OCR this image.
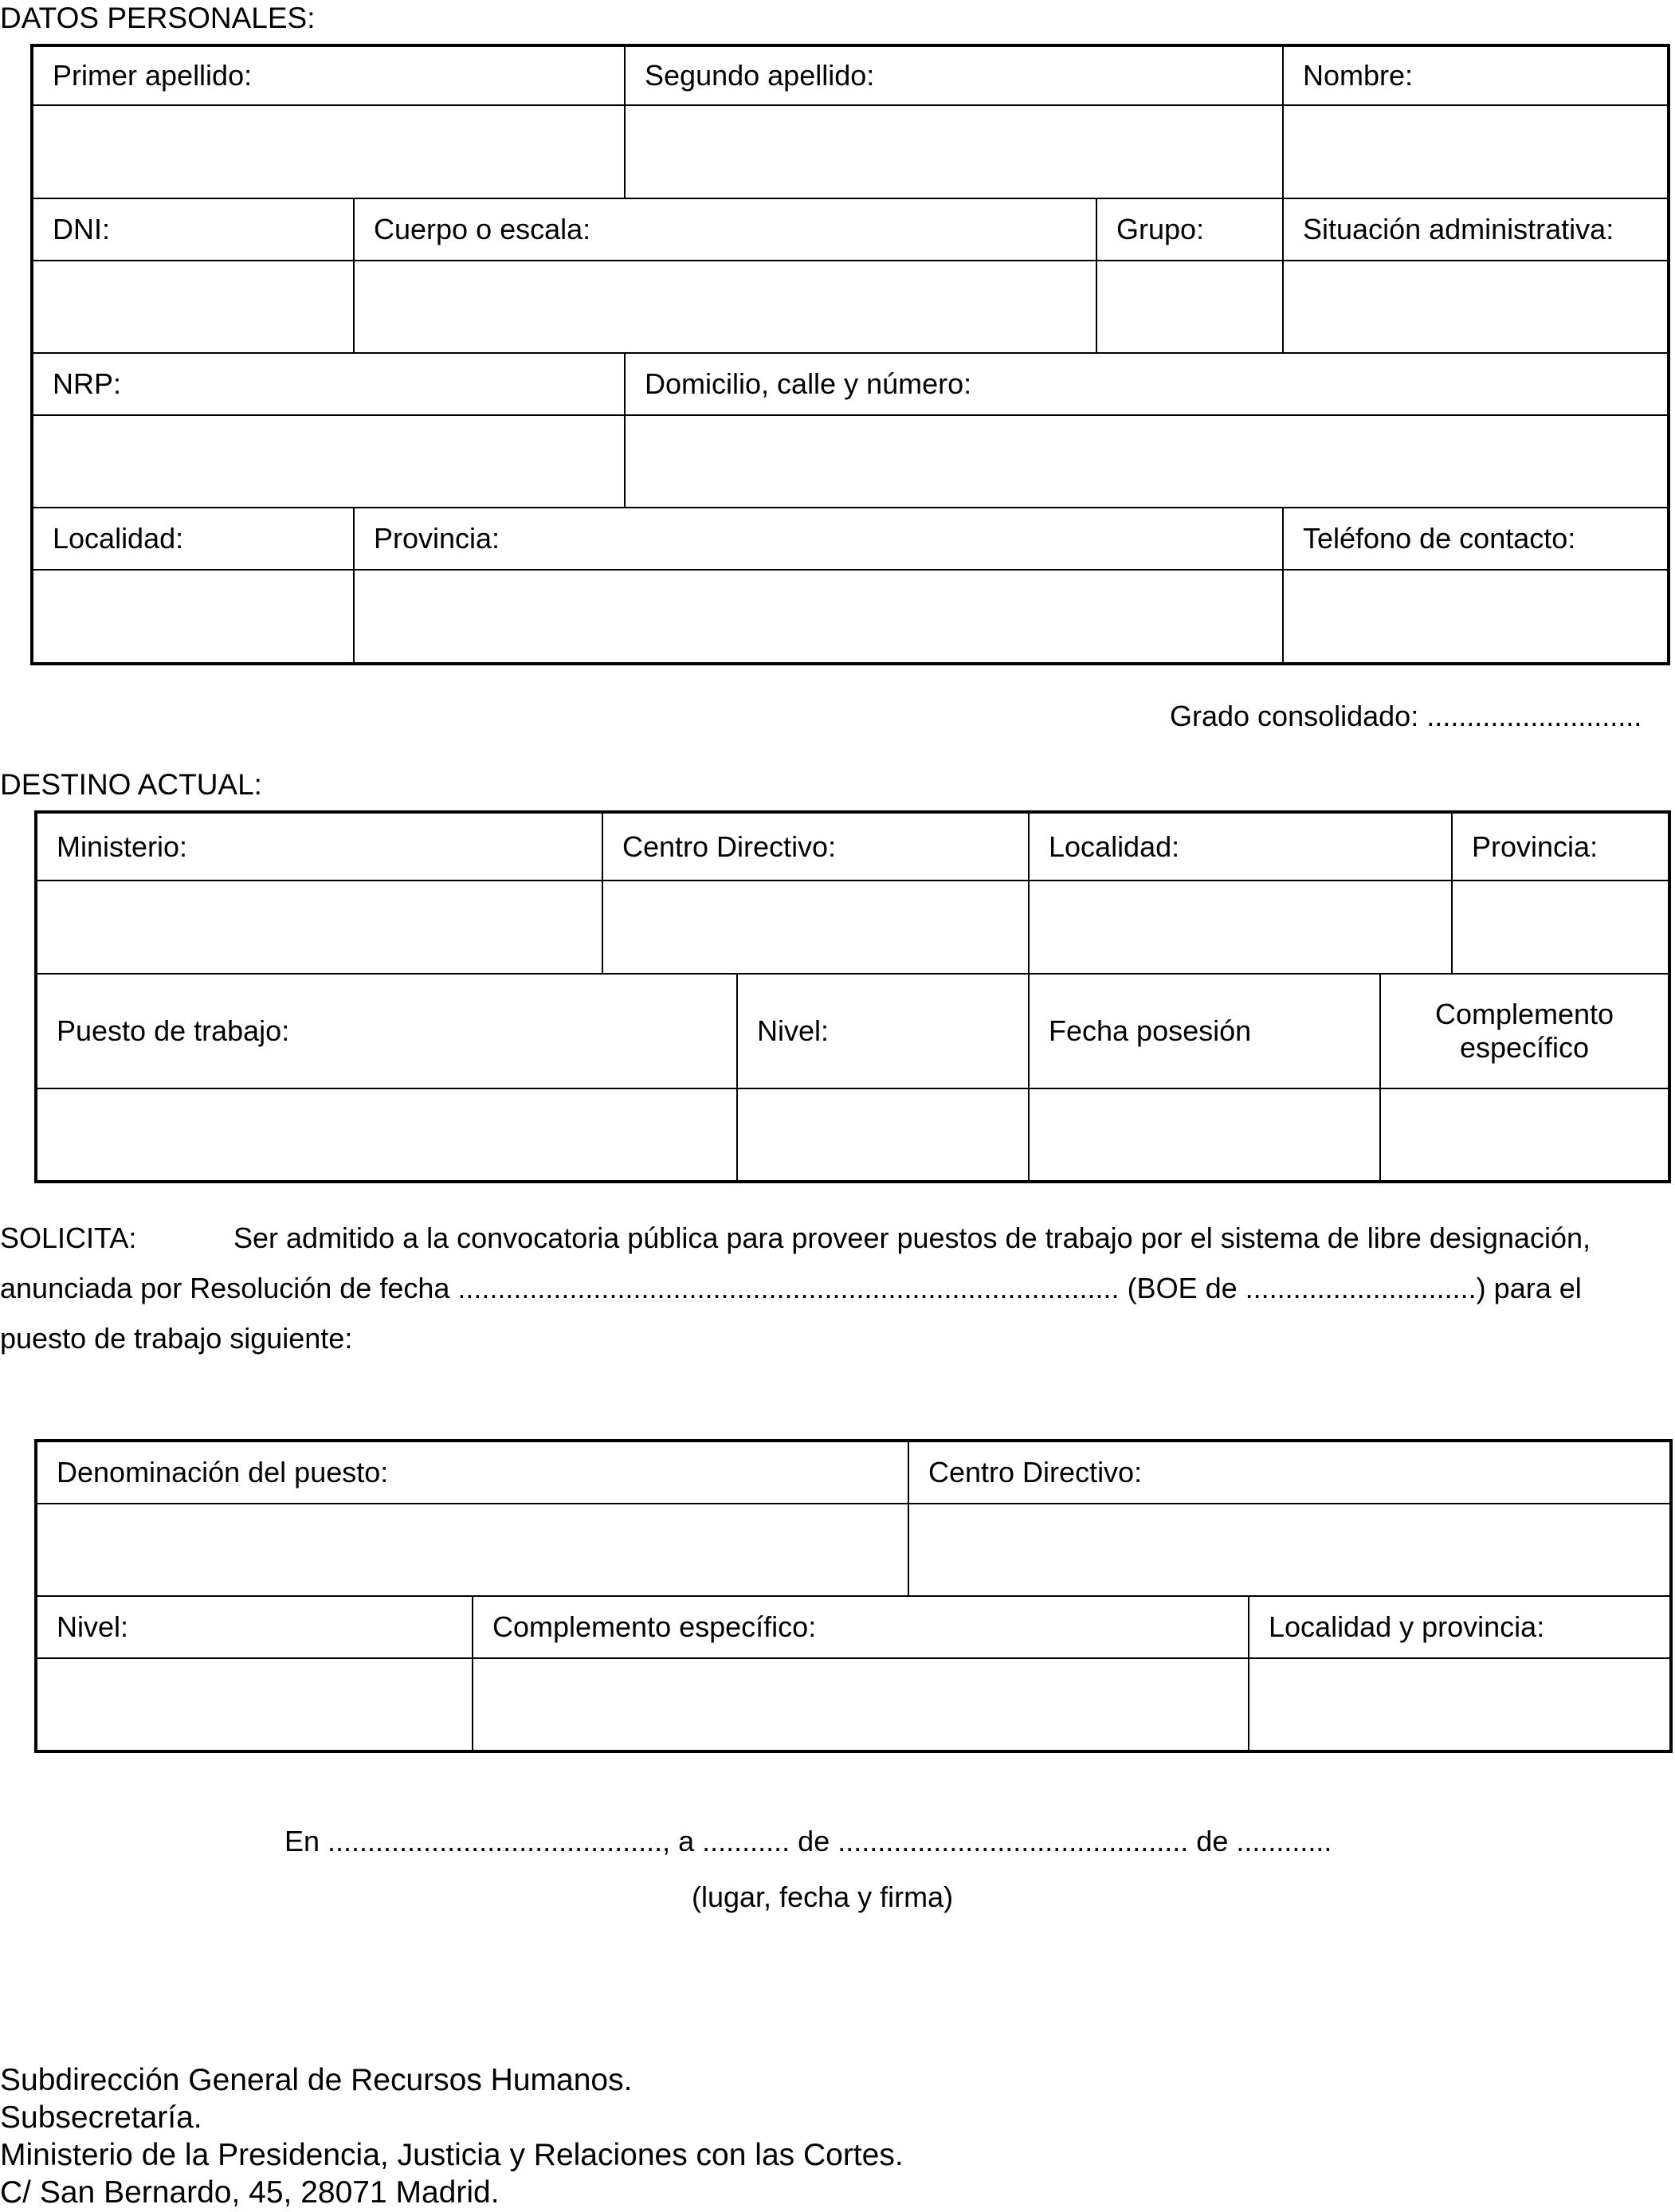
DATOS PERSONALES:
Primer apellido:		Segundo apellido:		Nombre:

DNI:	Cuerpo o escala:		Grupo:	Situación administrativa:

NRP:		Domicilio, calle y número:		

Localidad:	Provincia:			Teléfono de contacto:

Grado consolidado: ...........................
DESTINO ACTUAL:
Ministerio:	Centro Directivo:		Localidad:		Provincia:

Puesto de trabajo:		Nivel:	Fecha posesión	Complemento
específico	

SOLICITA:	Ser admitido a la convocatoria pública para proveer puestos de trabajo por el sistema de libre designación,
anunciada por Resolución de fecha ................................................................................... (BOE de .............................) para el
puesto de trabajo siguiente:
Denominación del puesto:		Centro Directivo:	

Nivel:	Complemento específico:		Localidad y provincia:

En .........................................., a ........... de ............................................ de ............
(lugar, fecha y firma)
Subdirección General de Recursos Humanos.
Subsecretaría.
Ministerio de la Presidencia, Justicia y Relaciones con las Cortes.
C/ San Bernardo, 45, 28071 Madrid.
